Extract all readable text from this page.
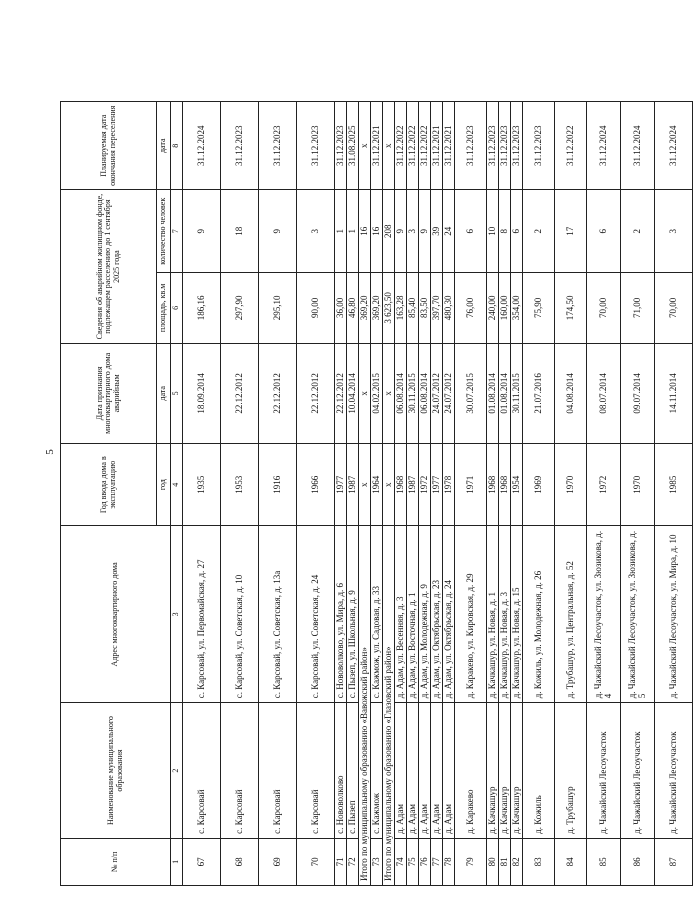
5
№ п/п	Наименование муниципального образования	Адрес многоквартирного дома	Год ввода дома в эксплуатацию	Дата признания многоквартирного дома аварийным	Сведения об аварийном жилищном фонде, подлежащем расселению до 1 сентября 2025 года		Планируемая дата окончания переселения
			год	дата	площадь, кв.м	количество человек	дата
1	2	3	4	5	6	7	8
67	с. Карсовай	с. Карсовай, ул. Первомайская, д. 27	1935	18.09.2014	186,16	9	31.12.2024
68	с. Карсовай	с. Карсовай, ул. Советская, д. 10	1953	22.12.2012	297,90	18	31.12.2023
69	с. Карсовай	с. Карсовай, ул. Советская, д. 13а	1916	22.12.2012	295,10	9	31.12.2023
70	с. Карсовай	с. Карсовай, ул. Советская, д. 24	1966	22.12.2012	90,00	3	31.12.2023
71	с. Нововолково	с. Нововолково, ул. Мира, д. 6	1977	22.12.2012	36,00	1	31.12.2023
72	с. Пызеп	с. Пызеп, ул. Школьная, д. 9	1987	10.04.2014	46,80	1	31.08.2025
Итого по муниципальному образованию «Вавожский район»			x	x	369,20	16	x
73	с. Кажмож	с. Кажмож, ул. Садовая, д. 33	1964	04.02.2015	369,20	16	31.12.2021
Итого по муниципальному образованию «Глазовский район»			x	x	3 623,50	208	x
74	д. Адам	д. Адам, ул. Весенняя, д. 3	1968	06.08.2014	163,28	9	31.12.2022
75	д. Адам	д. Адам, ул. Восточная, д. 1	1987	30.11.2015	85,40	3	31.12.2022
76	д. Адам	д. Адам, ул. Молодежная, д. 9	1972	06.08.2014	83,50	9	31.12.2022
77	д. Адам	д. Адам, ул. Октябрьская, д. 23	1977	24.07.2012	397,70	39	31.12.2021
78	д. Адам	д. Адам, ул. Октябрьская, д. 24	1978	24.07.2012	480,30	24	31.12.2021
79	д. Каракево	д. Каракево, ул. Кировская, д. 29	1971	30.07.2015	76,00	6	31.12.2023
80	д. Качкашур	д. Качкашур, ул. Новая, д. 1	1968	01.08.2014	240,00	10	31.12.2023
81	д. Качкашур	д. Качкашур, ул. Новая, д. 3	1968	01.08.2014	160,00	8	31.12.2023
82	д. Качкашур	д. Качкашур, ул. Новая, д. 15	1954	30.11.2015	354,00	6	31.12.2023
83	д. Кожиль	д. Кожиль, ул. Молодежная, д. 26	1969	21.07.2016	75,90	2	31.12.2023
84	д. Трубашур	д. Трубашур, ул. Центральная, д. 52	1970	04.08.2014	174,50	17	31.12.2022
85	д. Чажайский Лесоучасток	д. Чажайский Лесоучасток, ул. Зюзикова, д. 4	1972	08.07.2014	70,00	6	31.12.2024
86	д. Чажайский Лесоучасток	д. Чажайский Лесоучасток, ул. Зюзикова, д. 5	1970	09.07.2014	71,00	2	31.12.2024
87	д. Чажайский Лесоучасток	д. Чажайский Лесоучасток, ул. Мира, д. 10	1985	14.11.2014	70,00	3	31.12.2024
